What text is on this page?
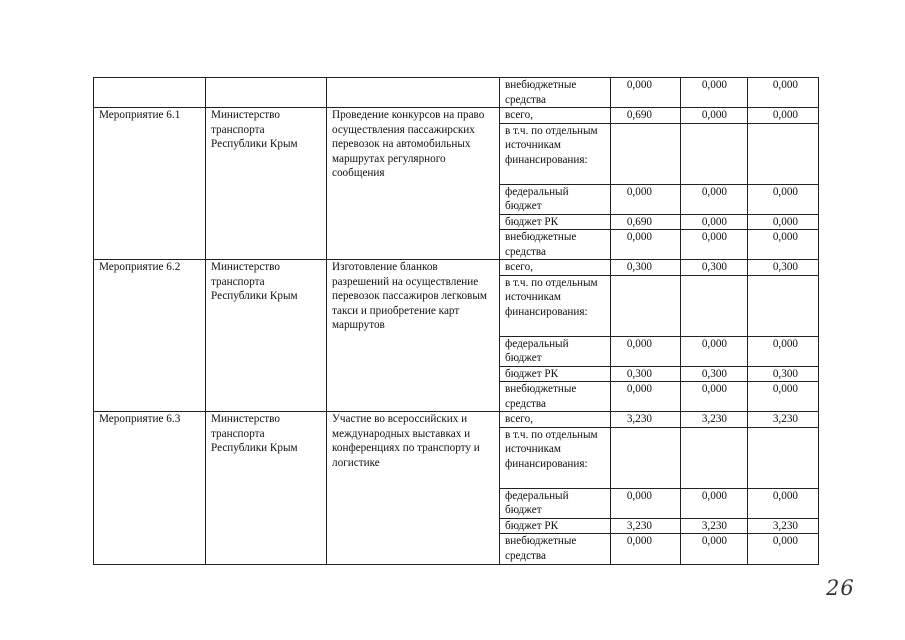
			внебюджетные средства	0,000	0,000	0,000
Мероприятие 6.1	Министерство транспорта Республики Крым	Проведение конкурсов на право осуществления пассажирских перевозок на автомобильных маршрутах регулярного сообщения	всего,	0,690	0,000	0,000
			в т.ч. по отдельным источникам финансирования:			
			федеральный бюджет	0,000	0,000	0,000
			бюджет РК	0,690	0,000	0,000
			внебюджетные средства	0,000	0,000	0,000
Мероприятие 6.2	Министерство транспорта Республики Крым	Изготовление бланков разрешений на осуществление перевозок пассажиров легковым такси и приобретение карт маршрутов	всего,	0,300	0,300	0,300
			в т.ч. по отдельным источникам финансирования:			
			федеральный бюджет	0,000	0,000	0,000
			бюджет РК	0,300	0,300	0,300
			внебюджетные средства	0,000	0,000	0,000
Мероприятие 6.3	Министерство транспорта Республики Крым	Участие во всероссийских и международных выставках и конференциях по транспорту и логистике	всего,	3,230	3,230	3,230
			в т.ч. по отдельным источникам финансирования:			
			федеральный бюджет	0,000	0,000	0,000
			бюджет РК	3,230	3,230	3,230
			внебюджетные средства	0,000	0,000	0,000
26
